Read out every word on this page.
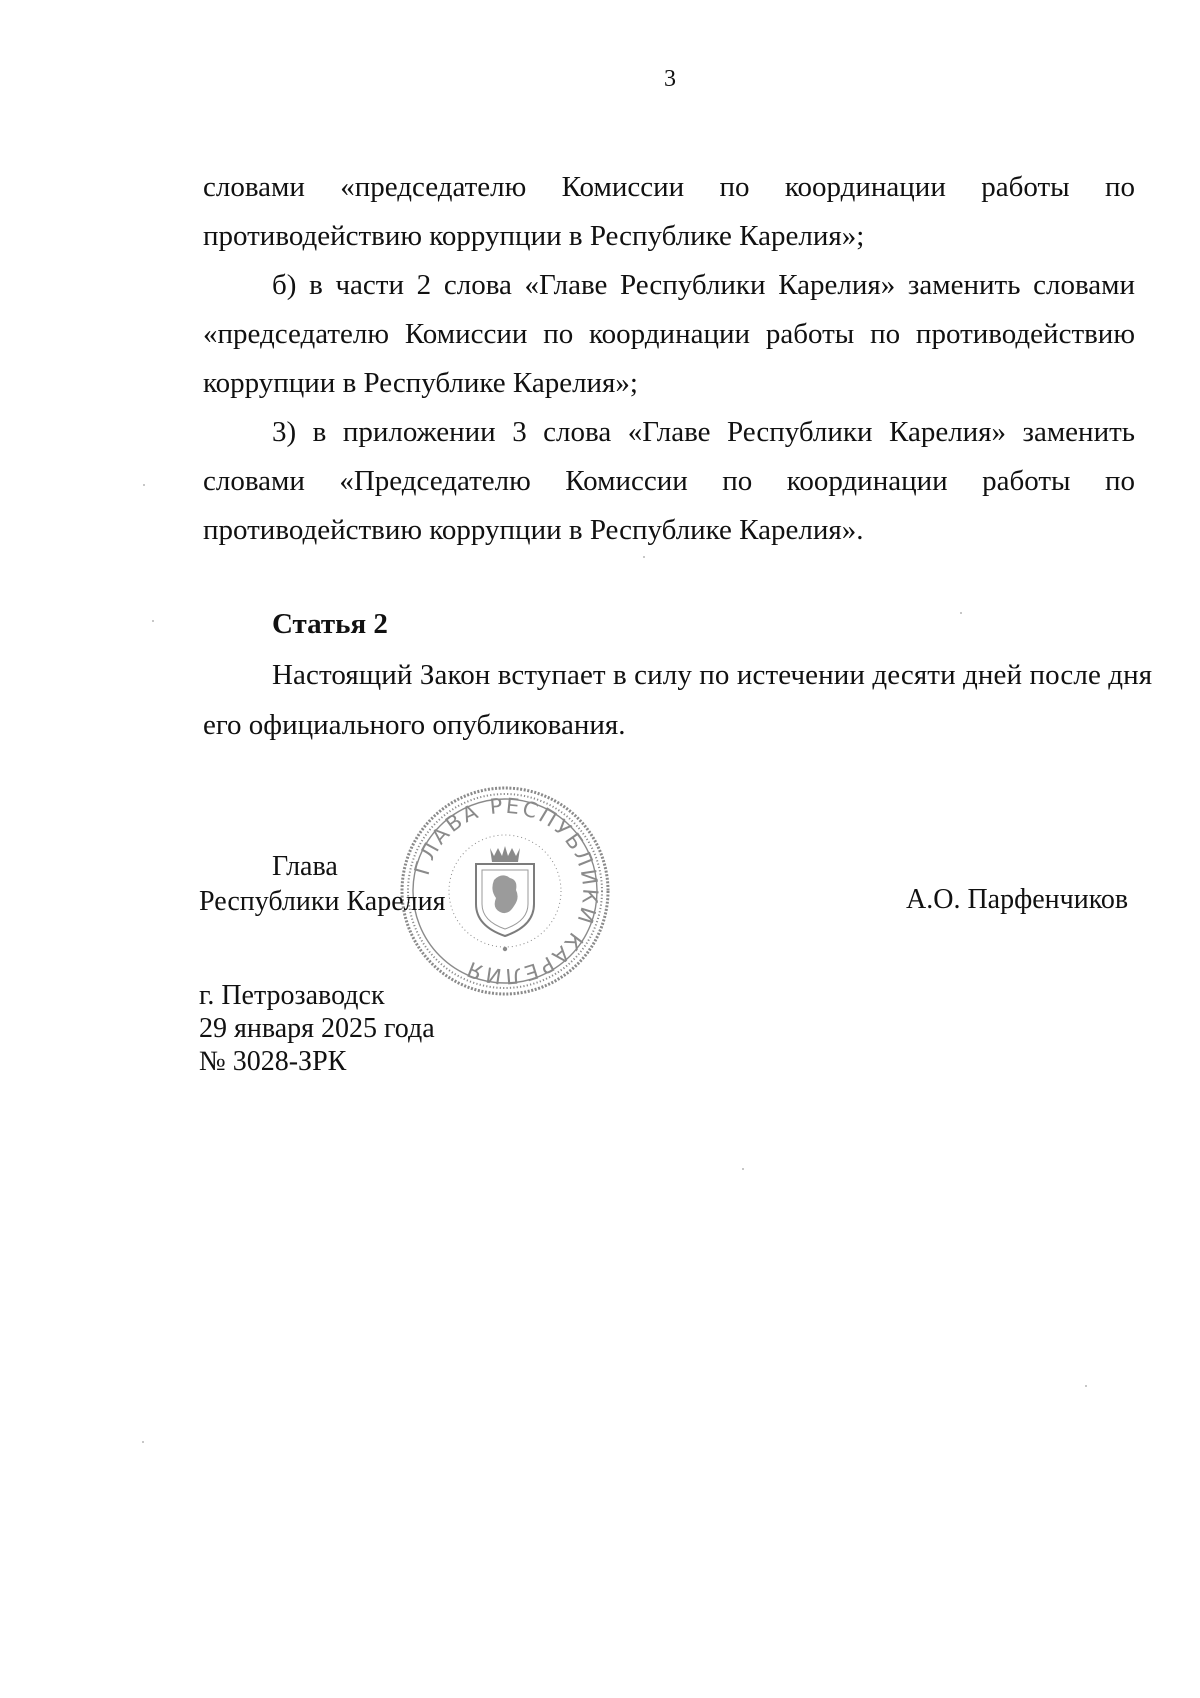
3
словами «председателю Комиссии по координации работы по
противодействию коррупции в Республике Карелия»;
б) в части 2 слова «Главе Республики Карелия» заменить словами
«председателю Комиссии по координации работы по противодействию
коррупции в Республике Карелия»;
3) в приложении 3 слова «Главе Республики Карелия» заменить
словами «Председателю Комиссии по координации работы по
противодействию коррупции в Республике Карелия».
Статья 2
Настоящий Закон вступает в силу по истечении десяти дней после дня
его официального опубликования.
ГЛАВА РЕСПУБЛИКИ КАРЕЛИЯ
Глава
Республики Карелия	А.О. Парфенчиков
г. Петрозаводск
29 января 2025 года
№ 3028-ЗРК
